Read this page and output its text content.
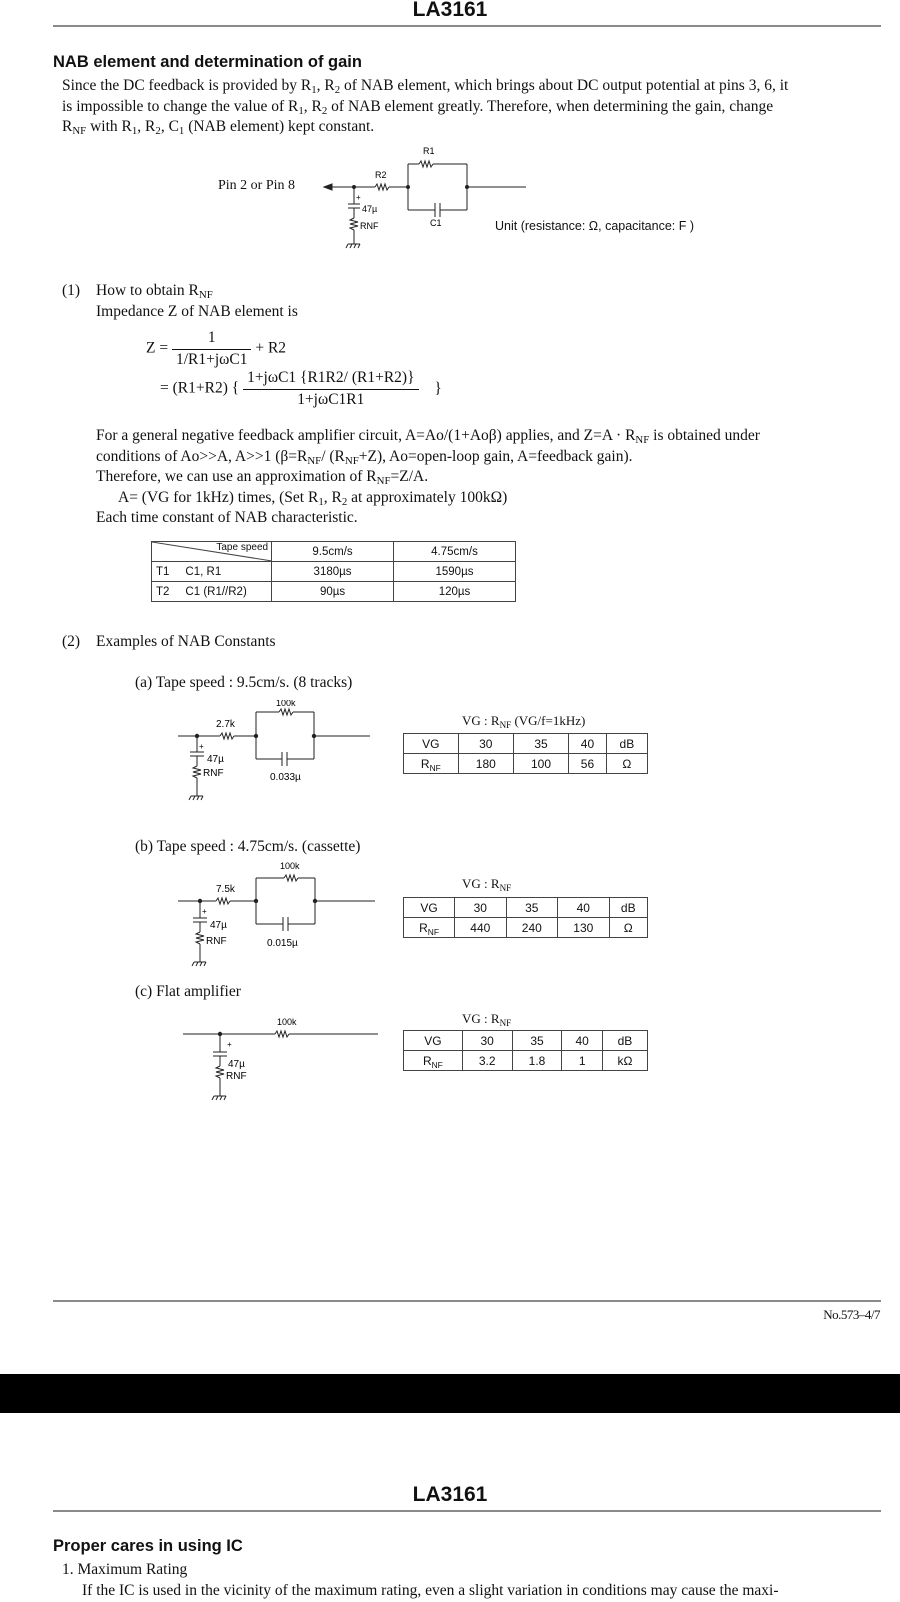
LA3161
NAB element and determination of gain
Since the DC feedback is provided by $R_1$, $R_2$ of NAB element, which brings about DC output potential at pins 3, 6, it
is impossible to change the value of $R_1$, $R_2$ of NAB element greatly. Therefore, when determining the gain, change
$R_{NF}$ with $R_1$, $R_2$, $C_1$ (NAB element) kept constant.
Pin 2 or Pin 8
R1
R2
C1
+
47µ
RNF	Unit (resistance: Ω, capacitance: F )
(1) How to obtain $R_{NF}$
Impedance Z of NAB element is
$Z = \frac{1}{\text{1/R1+jωC1}} + R2$
= (R1+R2) { $\frac{\text{1+jωC1 \{R1R2/ (R1+R2)\}}}{\text{1+jωC1R1}}$ }
For a general negative feedback amplifier circuit, A=Ao/(1+Aoβ) applies, and $Z=A \cdot R_{NF}$ is obtained under
conditions of Ao>>A, A>>1 ($\beta=R_{NF}/$ $(R_{NF}+Z)$, Ao=open-loop gain, A=feedback gain).
Therefore, we can use an approximation of $R_{NF}=Z/A$.
A= (VG for 1kHz) times, (Set $R_1$, $R_2$ at approximately 100kΩ)
Each time constant of NAB characteristic.
Tape speed	9.5cm/s	4.75cm/s
T1 C1, R1	3180µs	1590µs
T2 C1 (R1//R2)	90µs	120µs
(2) Examples of NAB Constants
(a) Tape speed : 9.5cm/s. (8 tracks)
100k
2.7k
0.033µ
+
47µ
RNF
VG : $R_{NF}$ (VG/f=1kHz)
VG	30	35	40	dB
$R_{NF}$	180	100	56	Ω
(b) Tape speed : 4.75cm/s. (cassette)
100k
7.5k
0.015µ
+
47µ
RNF
VG : $R_{NF}$
VG	30	35	40	dB
$R_{NF}$	440	240	130	Ω
(c) Flat amplifier
100k
+
47µ
RNF
VG : $R_{NF}$
VG	30	35	40	dB
$R_{NF}$	3.2	1.8	1	kΩ
No.573–4/7
LA3161
Proper cares in using IC
1. Maximum Rating
If the IC is used in the vicinity of the maximum rating, even a slight variation in conditions may cause the maxi-
